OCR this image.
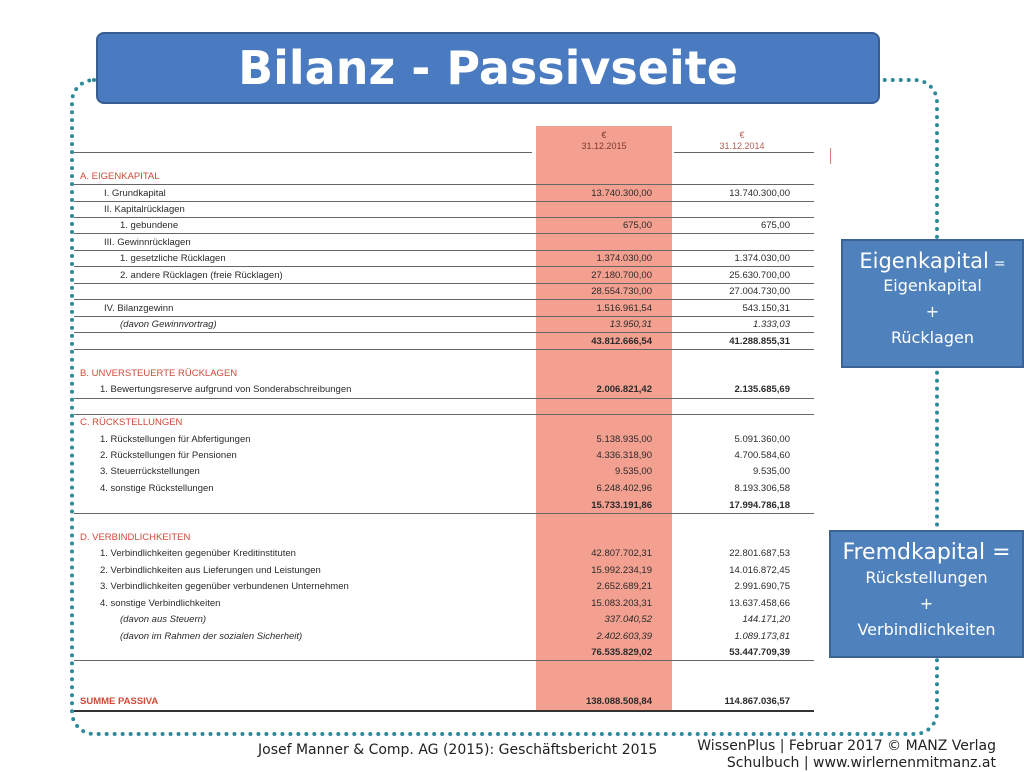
Bilanz - Passivseite
€
31.12.2015
€
31.12.2014
A. EIGENKAPITAL
I. Grundkapital	13.740.300,00	13.740.300,00
II. Kapitalrücklagen
1. gebundene	675,00	675,00
III. Gewinnrücklagen
1. gesetzliche Rücklagen	1.374.030,00	1.374.030,00
2. andere Rücklagen (freie Rücklagen)	27.180.700,00	25.630.700,00
28.554.730,00	27.004.730,00
IV. Bilanzgewinn	1.516.961,54	543.150,31
(davon Gewinnvortrag)	13.950,31	1.333,03
43.812.666,54	41.288.855,31
B. UNVERSTEUERTE RÜCKLAGEN
1. Bewertungsreserve aufgrund von Sonderabschreibungen	2.006.821,42	2.135.685,69
C. RÜCKSTELLUNGEN
1. Rückstellungen für Abfertigungen	5.138.935,00	5.091.360,00
2. Rückstellungen für Pensionen	4.336.318,90	4.700.584,60
3. Steuerrückstellungen	9.535,00	9.535,00
4. sonstige Rückstellungen	6.248.402,96	8.193.306,58
15.733.191,86	17.994.786,18
D. VERBINDLICHKEITEN
1. Verbindlichkeiten gegenüber Kreditinstituten	42.807.702,31	22.801.687,53
2. Verbindlichkeiten aus Lieferungen und Leistungen	15.992.234,19	14.016.872,45
3. Verbindlichkeiten gegenüber verbundenen Unternehmen	2.652.689,21	2.991.690,75
4. sonstige Verbindlichkeiten	15.083.203,31	13.637.458,66
(davon aus Steuern)	337.040,52	144.171,20
(davon im Rahmen der sozialen Sicherheit)	2.402.603,39	1.089.173,81
76.535.829,02	53.447.709,39
SUMME PASSIVA	138.088.508,84	114.867.036,57
Eigenkapital =
Eigenkapital
+
Rücklagen
Fremdkapital =
Rückstellungen
+
Verbindlichkeiten
Josef Manner & Comp. AG (2015): Geschäftsbericht 2015	WissenPlus | Februar 2017 © MANZ Verlag
Schulbuch | www.wirlernenmitmanz.at
